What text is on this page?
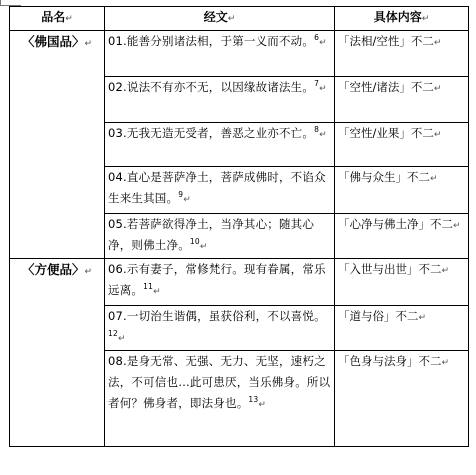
品名↵	经文↵	具体内容↵
〈佛国品〉↵	01.能善分别诸法相，于第一义而不动。$^6$↵	「法相/空性」不二↵
	02.说法不有亦不无，以因缘故诸法生。$^7$↵	「空性/诸法」不二↵
	03.无我无造无受者，善恶之业亦不亡。$^8$↵	「空性/业果」不二↵
	04.直心是菩萨净土，菩萨成佛时，不谄众生来生其国。$^9$↵	「佛与众生」不二↵
	05.若菩萨欲得净土，当净其心；随其心净，则佛土净。$^{10}$↵	「心净与佛土净」不二↵
〈方便品〉↵	06.示有妻子，常修梵行。现有眷属，常乐远离。$^{11}$↵	「入世与出世」不二↵
	07.一切治生谐偶，虽获俗利，不以喜悦。$^{12}$↵	「道与俗」不二↵
	08.是身无常、无强、无力、无坚，速朽之法，不可信也…此可患厌，当乐佛身。所以者何？佛身者，即法身也。$^{13}$↵	「色身与法身」不二↵
